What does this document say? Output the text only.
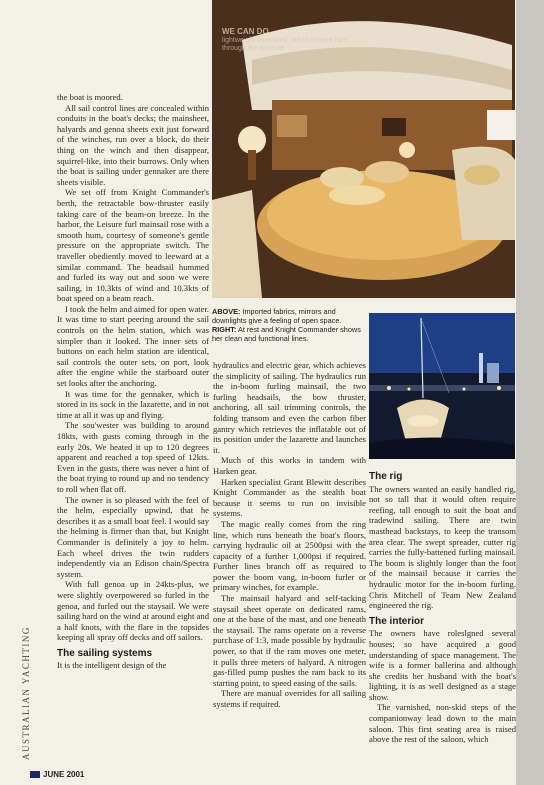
AUSTRALIAN YACHTING

the boat is moored.

All sail control lines are concealed within conduits in the boat's decks; the mainsheet, halyards and genoa sheets exit just forward of the winches, run over a block, do their thing on the winch and then disappear, squirrel-like, into their burrows. Only when the boat is sailing under gennaker are there sheets visible.

We set off from Knight Commander's berth, the retractable bow-thruster easily taking care of the beam-on breeze. In the harbor, the Leisure furl mainsail rose with a smooth hum, courtesy of someone's gentle pressure on the appropriate switch. The traveller obediently moved to leeward at a similar command. The headsail hummed and furled its way out and soon we were sailing, in 10.3kts of wind and 10.3kts of boat speed on a beam reach.

I took the helm and aimed for open water. It was time to start peering around the sail controls on the helm station, which was simpler than it looked. The inner sets of buttons on each helm station are identical, sail controls the outer sets, on port, look after the engine while the starboard outer set looks after the anchoring.

It was time for the gennaker, which is stored in its sock in the lazarette, and in not time at all it was up and flying.

The sou'wester was building to around 18kts, with gusts coming through in the early 20s. We heated it up to 120 degrees apparent and reached a top speed of 12kts. Even in the gusts, there was never a hint of the boat trying to round up and no tendency to roll when flat off.

The owner is so pleased with the feel of the helm, especially upwind, that he describes it as a small boat feel. I would say the helming is firmer than that, but Knight Commander is definitely a joy to helm. Each wheel drives the twin rudders independently via an Edison chain/Spectra system.

With full genoa up in 24kts-plus, we were slightly overpowered so furled in the genoa, and furled out the staysail. We were sailing hard on the wind at around eight and a half knots, with the flare in the topsides keeping all spray off decks and off sailors.

The sailing systems

It is the intelligent design of the

WE CAN DO
lightweight laminated, set to receive light through the porthole
ABOVE: Imported fabrics, mirrors and downlights give a feeling of open space.
RIGHT: At rest and Knight Commander shows her clean and functional lines.

hydraulics and electric gear, which achieves the simplicity of sailing. The hydraulics run the in-boom furling mainsail, the two furling headsails, the bow thruster, anchoring, all sail trimming controls, the folding transom and even the carbon fiber gantry which retrieves the inflatable out of its position under the lazarette and launches it.

Much of this works in tandem with Harken gear.

Harken specialist Grant Blewitt describes Knight Commander as the stealth boat because it seems to run on invisible systems.

The magic really comes from the ring line, which runs beneath the boat's floors, carrying hydraulic oil at 2500psi with the capacity of a further 1,000psi if required. Further lines branch off as required to power the boom vang, in-boom furler or primary winches, for example.

The mainsail halyard and self-tacking staysail sheet operate on dedicated rams, one at the base of the mast, and one beneath the staysail. The rams operate on a reverse purchase of 1:3, made possible by hydraulic power, so that if the ram moves one meter, it pulls three meters of halyard. A nitrogen gas-filled pump pushes the ram back to its starting point, to speed easing of the sails.

There are manual overrides for all sailing systems if required.

The rig

The owners wanted an easily handled rig, not so tall that it would often require reefing, tall enough to suit the boat and tradewind sailing. There are twin masthead backstays, to keep the transom area clear. The swept spreader, cutter rig carries the fully-battened furling mainsail. The boom is slightly longer than the foot of the mainsail because it carries the hydraulic motor for the in-boom furling. Chris Mitchell of Team New Zealand engineered the rig.

The interior

The owners have roleslgned several houses; so have acquired a good understanding of space management. The wife is a former ballerina and although she credits her husband with the boat's lighting, it is as well designed as a stage show.

The varnished, non-skid steps of the companionway lead down to the main saloon. This first seating area is raised above the rest of the saloon, which

JUNE 2001
